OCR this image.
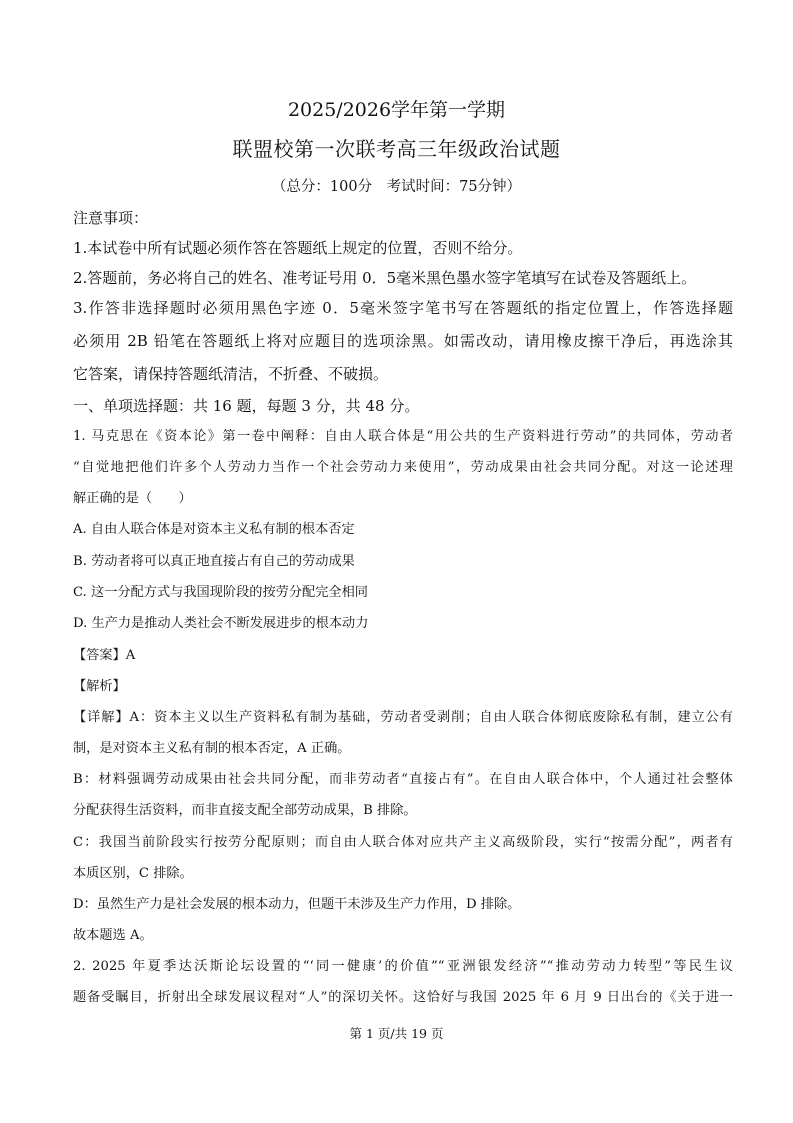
2025/2026学年第一学期
联盟校第一次联考高三年级政治试题
（总分：100分　考试时间：75分钟）
注意事项：
1.本试卷中所有试题必须作答在答题纸上规定的位置，否则不给分。
2.答题前，务必将自己的姓名、准考证号用 0．5毫米黑色墨水签字笔填写在试卷及答题纸上。
3.作答非选择题时必须用黑色字迹 0．5毫米签字笔书写在答题纸的指定位置上，作答选择题
必须用 2B 铅笔在答题纸上将对应题目的选项涂黑。如需改动，请用橡皮擦干净后，再选涂其
它答案，请保持答题纸清洁，不折叠、不破损。
一、单项选择题：共 16 题，每题 3 分，共 48 分。
1. 马克思在《资本论》第一卷中阐释：自由人联合体是“用公共的生产资料进行劳动”的共同体，劳动者
“自觉地把他们许多个人劳动力当作一个社会劳动力来使用”，劳动成果由社会共同分配。对这一论述理
解正确的是（　　）
A. 自由人联合体是对资本主义私有制的根本否定
B. 劳动者将可以真正地直接占有自己的劳动成果
C. 这一分配方式与我国现阶段的按劳分配完全相同
D. 生产力是推动人类社会不断发展进步的根本动力
【答案】A
【解析】
【详解】A：资本主义以生产资料私有制为基础，劳动者受剥削；自由人联合体彻底废除私有制，建立公有
制，是对资本主义私有制的根本否定，A 正确。
B：材料强调劳动成果由社会共同分配，而非劳动者“直接占有”。在自由人联合体中，个人通过社会整体
分配获得生活资料，而非直接支配全部劳动成果，B 排除。
C：我国当前阶段实行按劳分配原则；而自由人联合体对应共产主义高级阶段，实行“按需分配”，两者有
本质区别，C 排除。
D：虽然生产力是社会发展的根本动力，但题干未涉及生产力作用，D 排除。
故本题选 A。
2. 2025 年夏季达沃斯论坛设置的“‘同一健康’的价值”“亚洲银发经济”“推动劳动力转型”等民生议
题备受瞩目，折射出全球发展议程对“人”的深切关怀。这恰好与我国 2025 年 6 月 9 日出台的《关于进一
第 1 页/共 19 页
